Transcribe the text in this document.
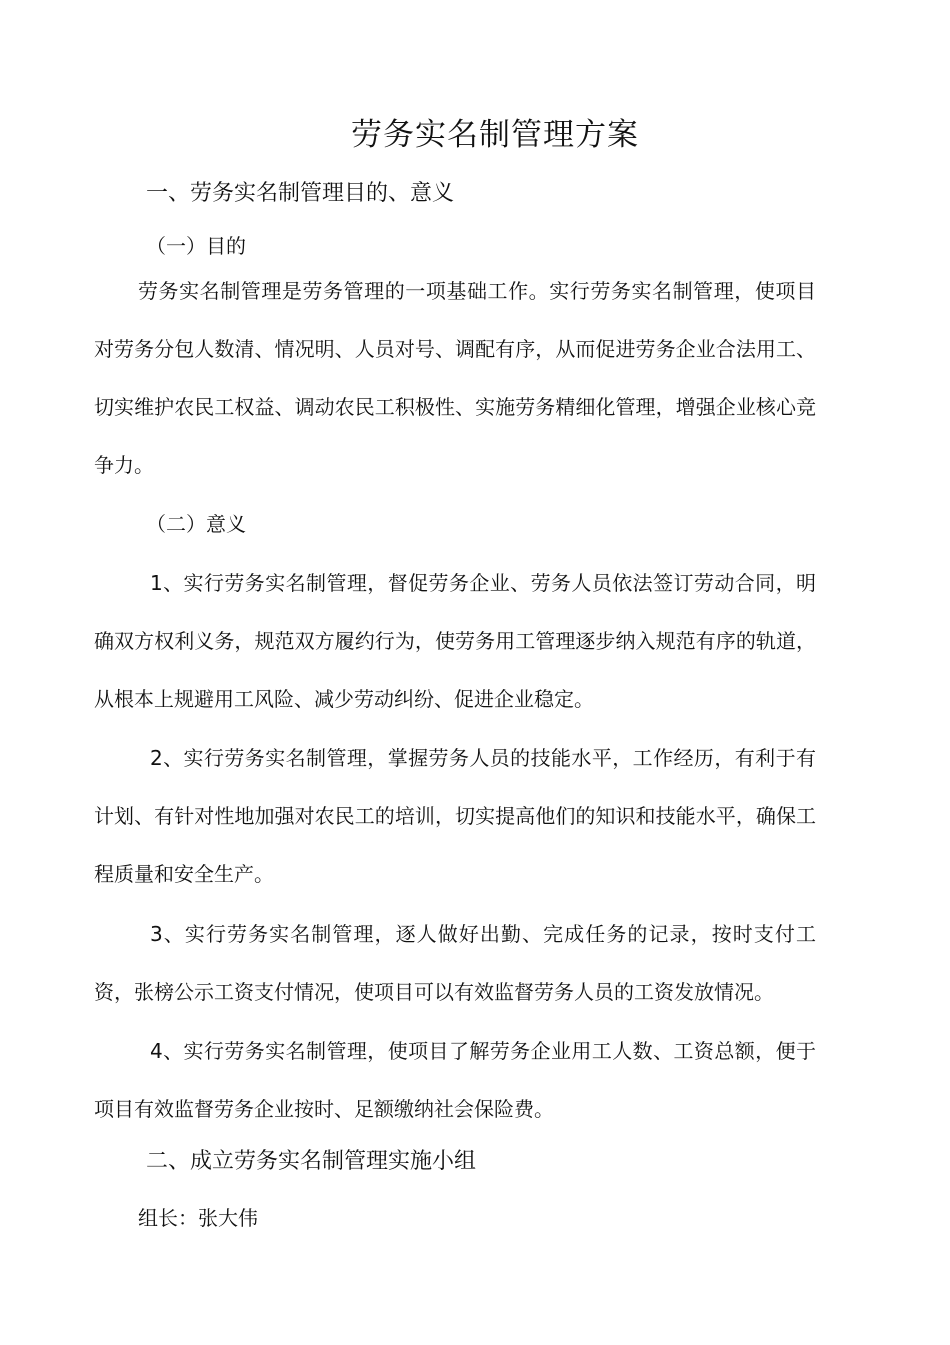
劳务实名制管理方案
一、劳务实名制管理目的、意义
（一）目的
劳务实名制管理是劳务管理的一项基础工作。实行劳务实名制管理，使项目对劳务分包人数清、情况明、人员对号、调配有序，从而促进劳务企业合法用工、切实维护农民工权益、调动农民工积极性、实施劳务精细化管理，增强企业核心竞争力。
（二）意义
1、实行劳务实名制管理，督促劳务企业、劳务人员依法签订劳动合同，明确双方权利义务，规范双方履约行为，使劳务用工管理逐步纳入规范有序的轨道，从根本上规避用工风险、减少劳动纠纷、促进企业稳定。
2、实行劳务实名制管理，掌握劳务人员的技能水平，工作经历，有利于有计划、有针对性地加强对农民工的培训，切实提高他们的知识和技能水平，确保工程质量和安全生产。
3、实行劳务实名制管理，逐人做好出勤、完成任务的记录，按时支付工资，张榜公示工资支付情况，使项目可以有效监督劳务人员的工资发放情况。
4、实行劳务实名制管理，使项目了解劳务企业用工人数、工资总额，便于项目有效监督劳务企业按时、足额缴纳社会保险费。
二、成立劳务实名制管理实施小组
组长：张大伟
